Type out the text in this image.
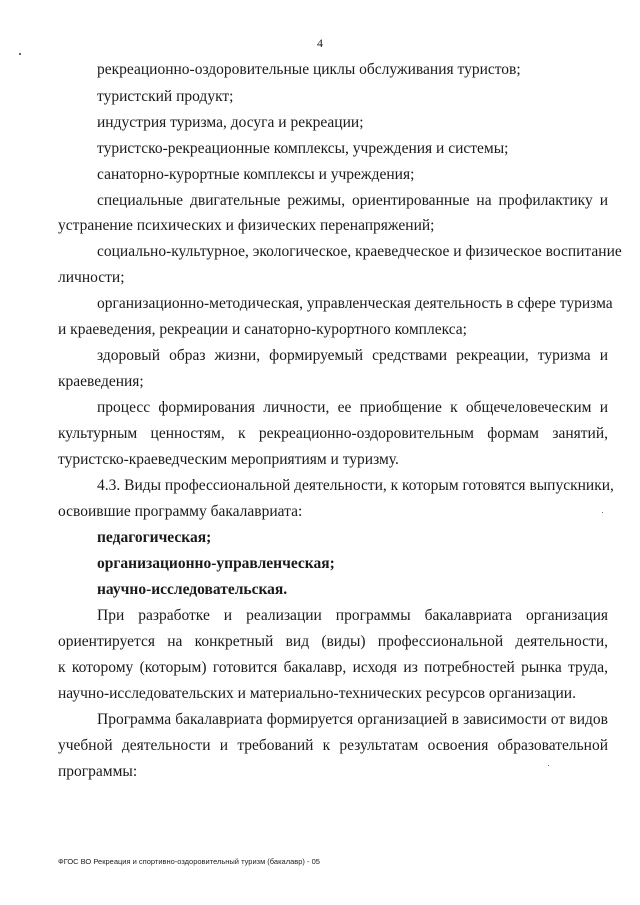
4
рекреационно-оздоровительные циклы обслуживания туристов;
туристский продукт;
индустрия туризма, досуга и рекреации;
туристско-рекреационные комплексы, учреждения и системы;
санаторно-курортные комплексы и учреждения;
специальные двигательные режимы, ориентированные на профилактику и
устранение психических и физических перенапряжений;
социально-культурное, экологическое, краеведческое и физическое воспитание
личности;
организационно-методическая, управленческая деятельность в сфере туризма
и краеведения, рекреации и санаторно-курортного комплекса;
здоровый образ жизни, формируемый средствами рекреации, туризма и
краеведения;
процесс формирования личности, ее приобщение к общечеловеческим и
культурным ценностям, к рекреационно-оздоровительным формам занятий,
туристско-краеведческим мероприятиям и туризму.
4.3. Виды профессиональной деятельности, к которым готовятся выпускники,
освоившие программу бакалавриата:
педагогическая;
организационно-управленческая;
научно-исследовательская.
При разработке и реализации программы бакалавриата организация
ориентируется на конкретный вид (виды) профессиональной деятельности,
к которому (которым) готовится бакалавр, исходя из потребностей рынка труда,
научно-исследовательских и материально-технических ресурсов организации.
Программа бакалавриата формируется организацией в зависимости от видов
учебной деятельности и требований к результатам освоения образовательной
программы:
ФГОС ВО Рекреация и спортивно-оздоровительный туризм (бакалавр) - 05
